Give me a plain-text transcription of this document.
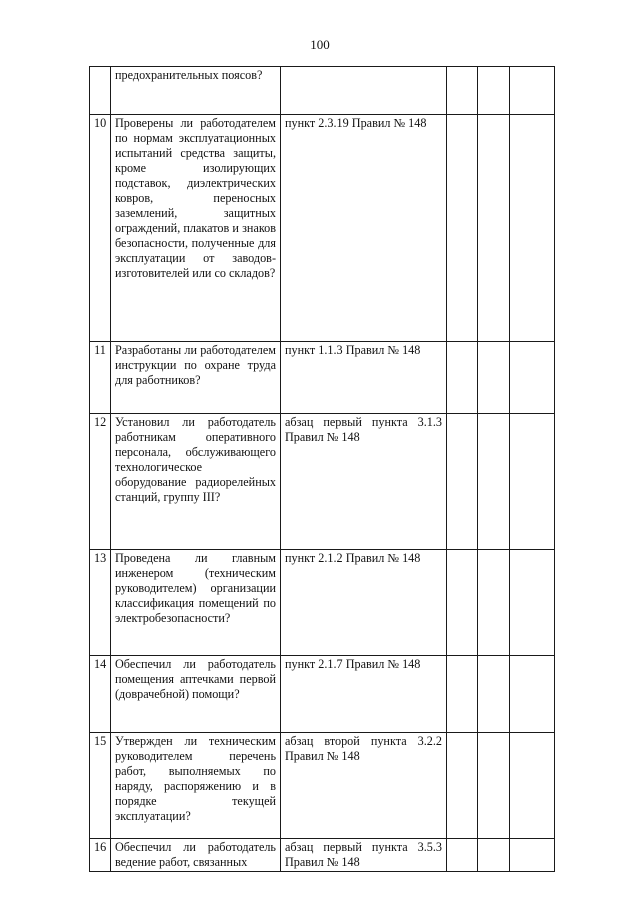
100
	предохранительных поясов?				
10	Проверены ли работодателем по нормам эксплуатационных испытаний средства защиты, кроме изолирующих подставок, диэлектрических ковров, переносных заземлений, защитных ограждений, плакатов и знаков безопасности, полученные для эксплуатации от заводов-изготовителей или со складов?	пункт 2.3.19 Правил № 148			
11	Разработаны ли работодателем инструкции по охране труда для работников?	пункт 1.1.3 Правил № 148			
12	Установил ли работодатель работникам оперативного персонала, обслуживающего технологическое оборудование радиорелейных станций, группу III?	абзац первый пункта 3.1.3 Правил № 148			
13	Проведена ли главным инженером (техническим руководителем) организации классификация помещений по электробезопасности?	пункт 2.1.2 Правил № 148			
14	Обеспечил ли работодатель помещения аптечками первой (доврачебной) помощи?	пункт 2.1.7 Правил № 148			
15	Утвержден ли техническим руководителем перечень работ, выполняемых по наряду, распоряжению и в порядке текущей эксплуатации?	абзац второй пункта 3.2.2 Правил № 148			
16	Обеспечил ли работодатель ведение работ, связанных	абзац первый пункта 3.5.3 Правил № 148			
